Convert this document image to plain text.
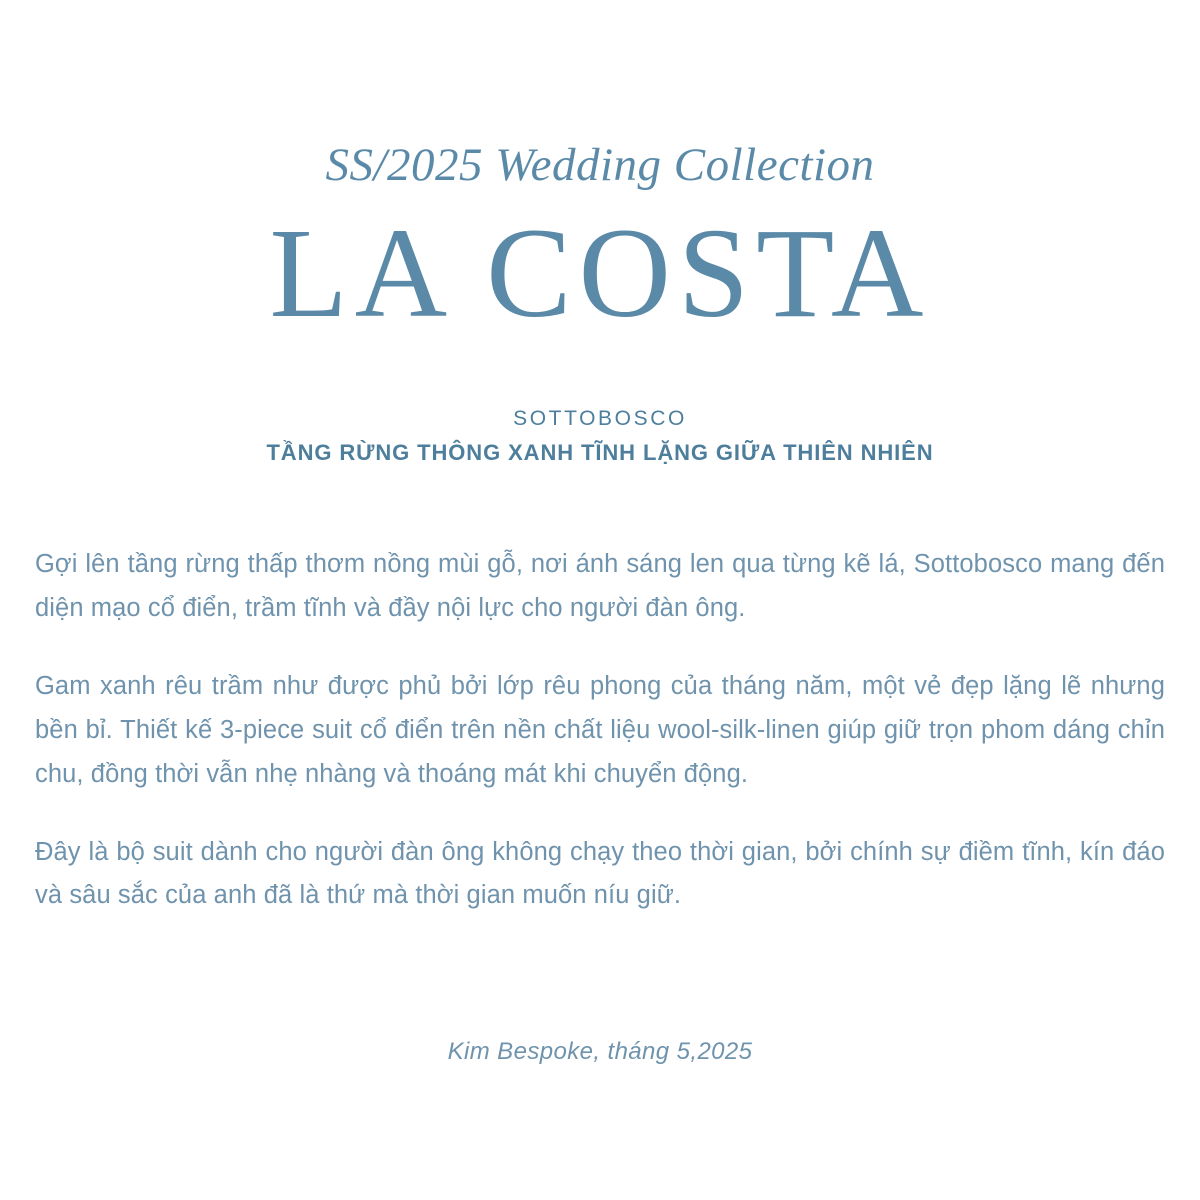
SS/2025 Wedding Collection
LA COSTA
SOTTOBOSCO
TẦNG RỪNG THÔNG XANH TĨNH LẶNG GIỮA THIÊN NHIÊN

Gợi lên tầng rừng thấp thơm nồng mùi gỗ, nơi ánh sáng len qua từng kẽ lá, Sottobosco mang đến diện mạo cổ điển, trầm tĩnh và đầy nội lực cho người đàn ông.

Gam xanh rêu trầm như được phủ bởi lớp rêu phong của tháng năm, một vẻ đẹp lặng lẽ nhưng bền bỉ. Thiết kế 3-piece suit cổ điển trên nền chất liệu wool-silk-linen giúp giữ trọn phom dáng chỉn chu, đồng thời vẫn nhẹ nhàng và thoáng mát khi chuyển động.

Đây là bộ suit dành cho người đàn ông không chạy theo thời gian, bởi chính sự điềm tĩnh, kín đáo và sâu sắc của anh đã là thứ mà thời gian muốn níu giữ.

Kim Bespoke, tháng 5,2025
